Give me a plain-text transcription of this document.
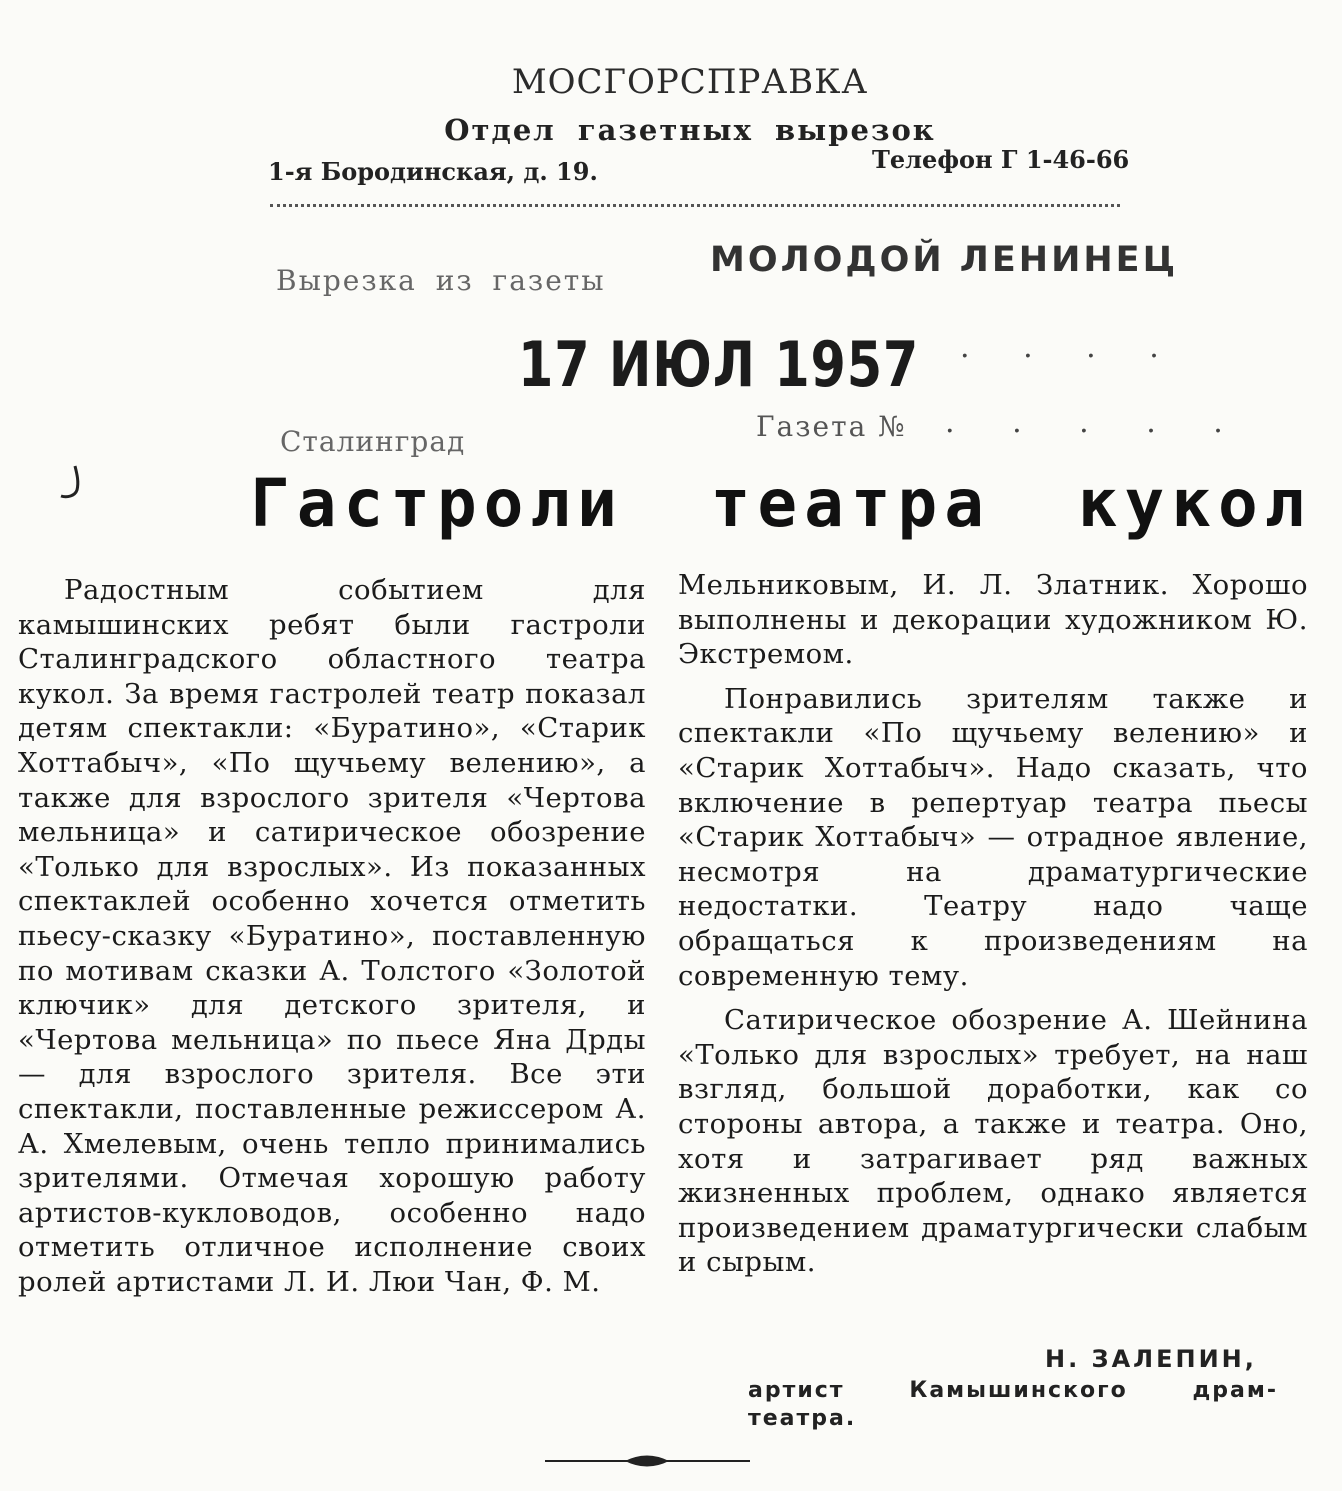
МОСГОРСПРАВКА
Отдел газетных вырезок
1-я Бородинская, д. 19.	Телефон Г 1-46-66
Вырезка из газеты
МОЛОДОЙ ЛЕНИНЕЦ
17 ИЮЛ 1957 . . . .
Сталинград	Газета № . . . . .
Гастроли театра кукол

Радостным событием для камышинских ребят были гастроли Сталинградского областного театра кукол. За время гастролей театр показал детям спектакли: «Буратино», «Старик Хоттабыч», «По щучьему велению», а также для взрослого зрителя «Чертова мельница» и сатирическое обозрение «Только для взрослых». Из показанных спектаклей особенно хочется отметить пьесу-сказку «Буратино», поставленную по мотивам сказки А. Толстого «Золотой ключик» для детского зрителя, и «Чертова мельница» по пьесе Яна Дрды — для взрослого зрителя. Все эти спектакли, поставленные режиссером А. А. Хмелевым, очень тепло принимались зрителями. Отмечая хорошую работу артистов-кукловодов, особенно надо отметить отличное исполнение своих ролей артистами Л. И. Люи Чан, Ф. М.

Мельниковым, И. Л. Златник. Хорошо выполнены и декорации художником Ю. Экстремом.

Понравились зрителям также и спектакли «По щучьему велению» и «Старик Хоттабыч». Надо сказать, что включение в репертуар театра пьесы «Старик Хоттабыч» — отрадное явление, несмотря на драматургические недостатки. Театру надо чаще обращаться к произведениям на современную тему.

Сатирическое обозрение А. Шейнина «Только для взрослых» требует, на наш взгляд, большой доработки, как со стороны автора, а также и театра. Оно, хотя и затрагивает ряд важных жизненных проблем, однако является произведением драматургически слабым и сырым.

Н. ЗАЛЕПИН,
артист Камышинского драм-
театра.
